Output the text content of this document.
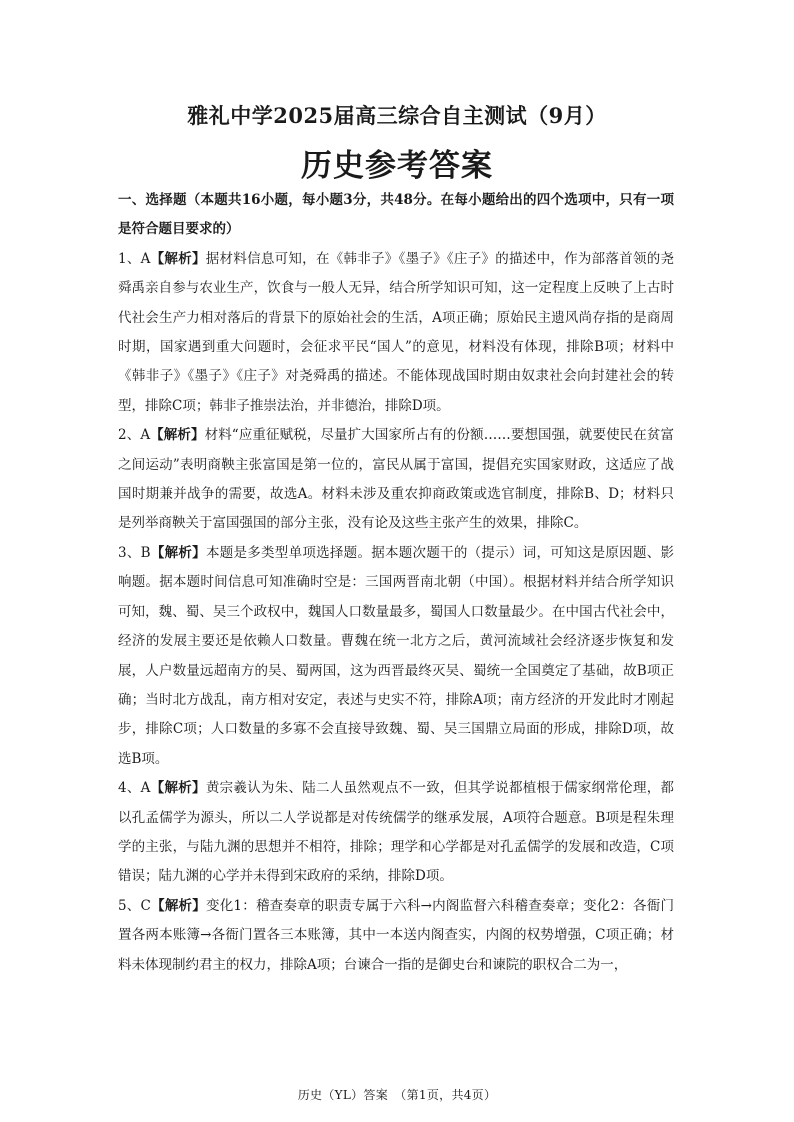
雅礼中学2025届高三综合自主测试（9月）
历史参考答案
一、选择题（本题共16小题，每小题3分，共48分。在每小题给出的四个选项中，只有一项是符合题目要求的）

1、A【解析】据材料信息可知，在《韩非子》《墨子》《庄子》的描述中，作为部落首领的尧舜禹亲自参与农业生产，饮食与一般人无异，结合所学知识可知，这一定程度上反映了上古时代社会生产力相对落后的背景下的原始社会的生活，A项正确；原始民主遗风尚存指的是商周时期，国家遇到重大问题时，会征求平民“国人”的意见，材料没有体现，排除B项；材料中《韩非子》《墨子》《庄子》对尧舜禹的描述。不能体现战国时期由奴隶社会向封建社会的转型，排除C项；韩非子推崇法治，并非德治，排除D项。

2、A【解析】材料“应重征赋税，尽量扩大国家所占有的份额……要想国强，就要使民在贫富之间运动”表明商鞅主张富国是第一位的，富民从属于富国，提倡充实国家财政，这适应了战国时期兼并战争的需要，故选A。材料未涉及重农抑商政策或选官制度，排除B、D；材料只是列举商鞅关于富国强国的部分主张，没有论及这些主张产生的效果，排除C。

3、B【解析】本题是多类型单项选择题。据本题次题干的（提示）词，可知这是原因题、影响题。据本题时间信息可知准确时空是：三国两晋南北朝（中国）。根据材料并结合所学知识可知，魏、蜀、吴三个政权中，魏国人口数量最多，蜀国人口数量最少。在中国古代社会中，经济的发展主要还是依赖人口数量。曹魏在统一北方之后，黄河流域社会经济逐步恢复和发展，人户数量远超南方的吴、蜀两国，这为西晋最终灭吴、蜀统一全国奠定了基础，故B项正确；当时北方战乱，南方相对安定，表述与史实不符，排除A项；南方经济的开发此时才刚起步，排除C项；人口数量的多寡不会直接导致魏、蜀、吴三国鼎立局面的形成，排除D项，故选B项。

4、A【解析】黄宗羲认为朱、陆二人虽然观点不一致，但其学说都植根于儒家纲常伦理，都以孔孟儒学为源头，所以二人学说都是对传统儒学的继承发展，A项符合题意。B项是程朱理学的主张，与陆九渊的思想并不相符，排除；理学和心学都是对孔孟儒学的发展和改造，C项错误；陆九渊的心学并未得到宋政府的采纳，排除D项。

5、C【解析】变化1：稽查奏章的职责专属于六科→内阁监督六科稽查奏章；变化2：各衙门置各两本账簿→各衙门置各三本账簿，其中一本送内阁查实，内阁的权势增强，C项正确；材料未体现制约君主的权力，排除A项；台谏合一指的是御史台和谏院的职权合二为一，

历史（YL）答案　（第1页，共4页）
